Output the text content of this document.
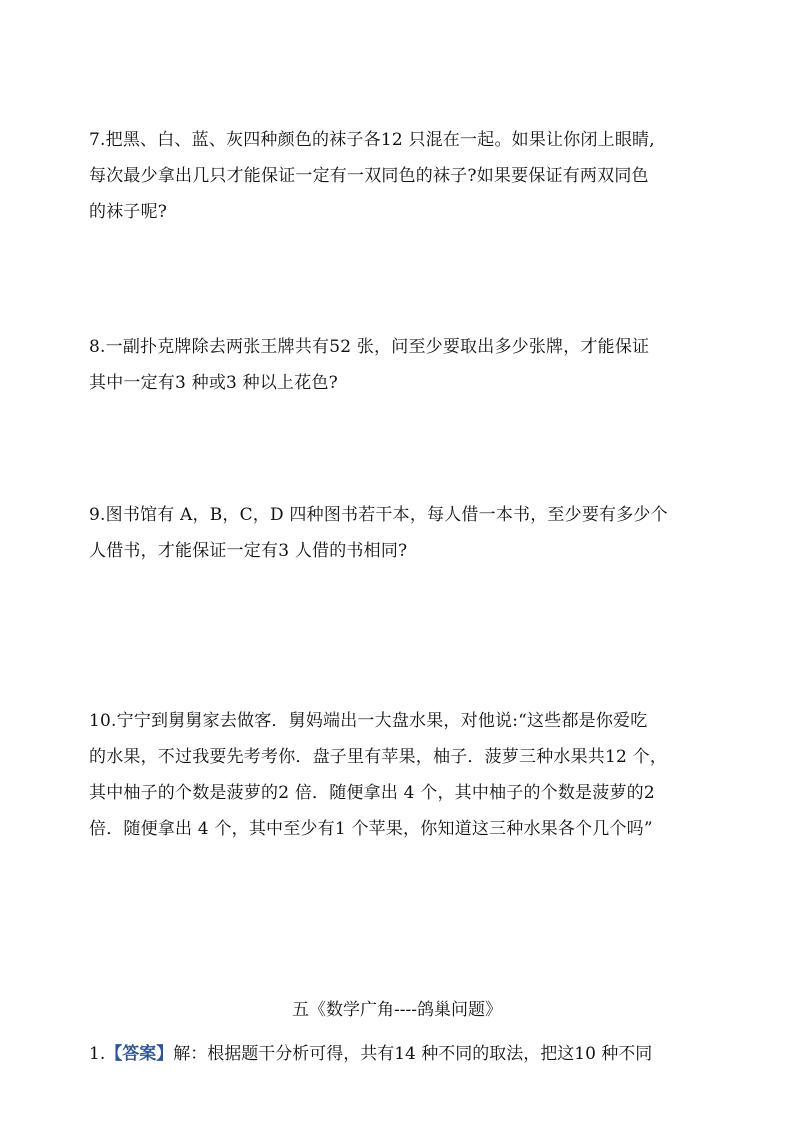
7.把黑、白、蓝、灰四种颜色的袜子各12 只混在一起。如果让你闭上眼睛,
每次最少拿出几只才能保证一定有一双同色的袜子?如果要保证有两双同色
的袜子呢?
8.一副扑克牌除去两张王牌共有52 张，问至少要取出多少张牌，才能保证
其中一定有3 种或3 种以上花色?
9.图书馆有 A，B，C，D 四种图书若干本，每人借一本书，至少要有多少个
人借书，才能保证一定有3 人借的书相同?
10.宁宁到舅舅家去做客．舅妈端出一大盘水果，对他说:“这些都是你爱吃
的水果，不过我要先考考你．盘子里有苹果，柚子．菠萝三种水果共12 个，
其中柚子的个数是菠萝的2 倍．随便拿出 4 个，其中柚子的个数是菠萝的2
倍．随便拿出 4 个，其中至少有1 个苹果，你知道这三种水果各个几个吗”
五《数学广角----鸽巢问题》
1.【答案】解：根据题干分析可得，共有14 种不同的取法，把这10 种不同
